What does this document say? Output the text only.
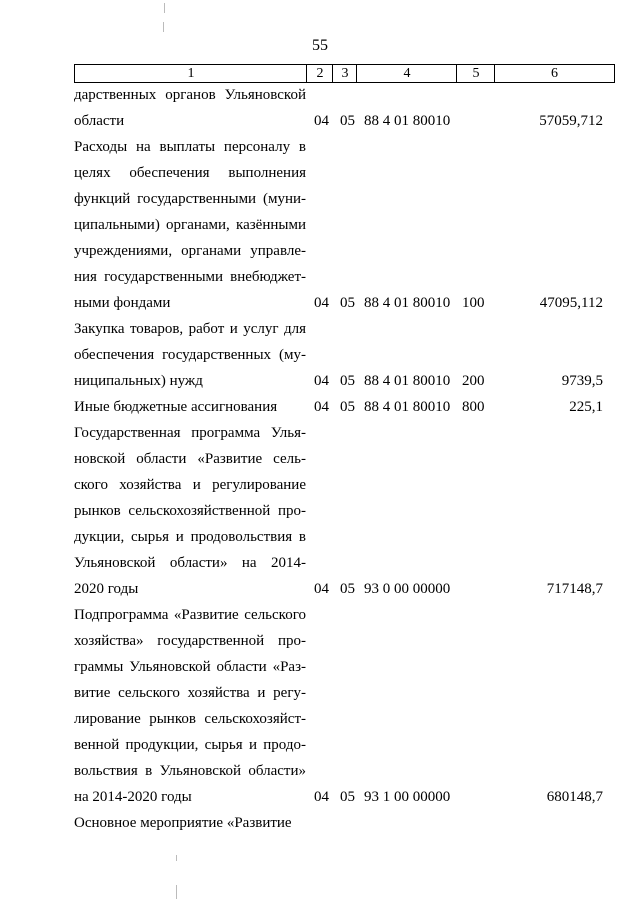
55
1	2	3	4	5	6
дарственных органов Ульяновской
области	04 05 88 4 01 80010	57059,712
Расходы на выплаты персоналу в
целях обеспечения выполнения
функций государственными (муни-
ципальными) органами, казёнными
учреждениями, органами управле-
ния государственными внебюджет-
ными фондами	04 05 88 4 01 80010 100	47095,112
Закупка товаров, работ и услуг для
обеспечения государственных (му-
ниципальных) нужд	04 05 88 4 01 80010 200	9739,5
Иные бюджетные ассигнования	04 05 88 4 01 80010 800	225,1
Государственная программа Улья-
новской области «Развитие сель-
ского хозяйства и регулирование
рынков сельскохозяйственной про-
дукции, сырья и продовольствия в
Ульяновской области» на 2014-
2020 годы	04 05 93 0 00 00000	717148,7
Подпрограмма «Развитие сельского
хозяйства» государственной про-
граммы Ульяновской области «Раз-
витие сельского хозяйства и регу-
лирование рынков сельскохозяйст-
венной продукции, сырья и продо-
вольствия в Ульяновской области»
на 2014-2020 годы	04 05 93 1 00 00000	680148,7
Основное мероприятие «Развитие
